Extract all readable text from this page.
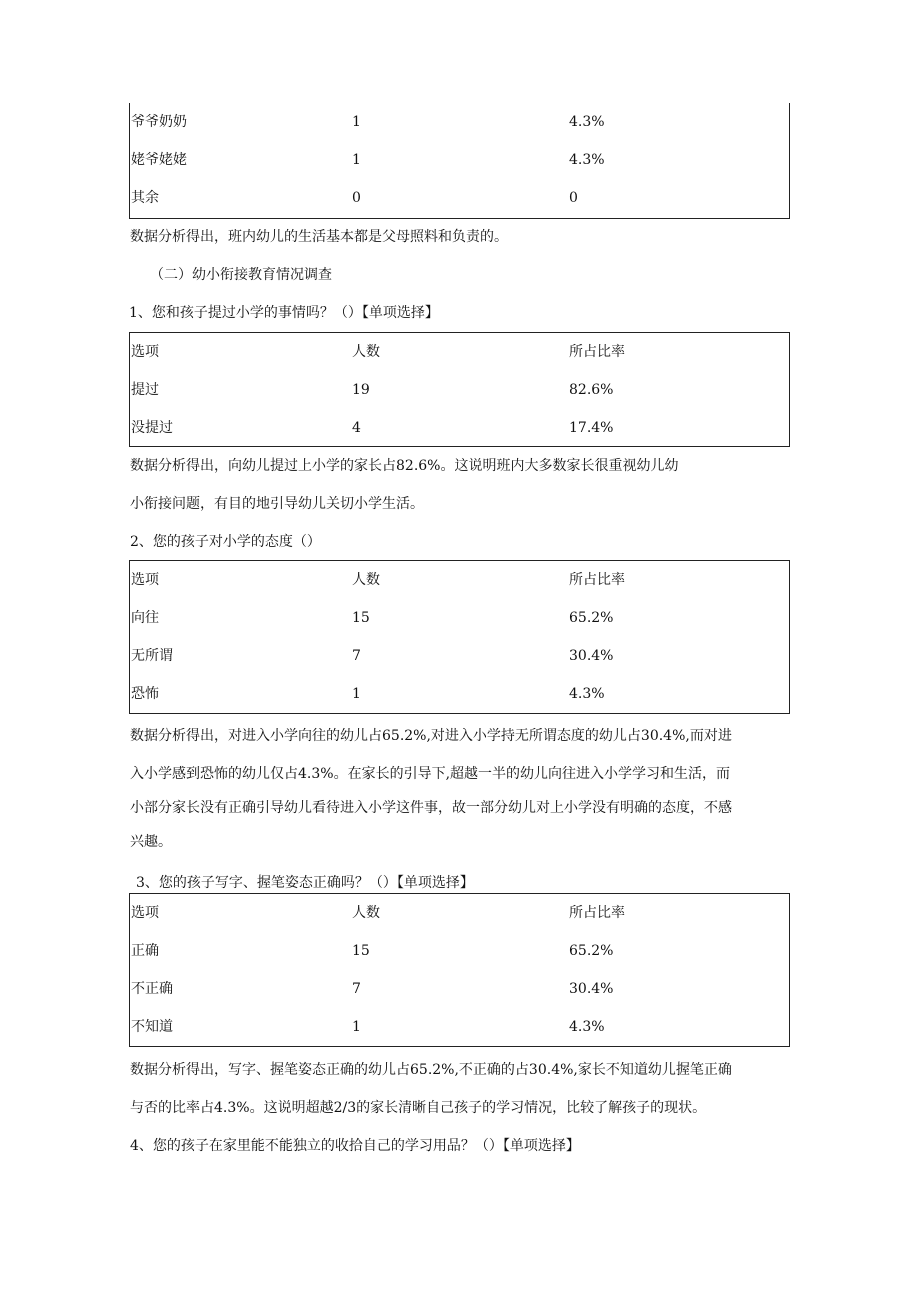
爷爷奶奶	1	4.3%
姥爷姥姥	1	4.3%
其余	0	0
数据分析得出，班内幼儿的生活基本都是父母照料和负责的。
（二）幼小衔接教育情况调查
1、您和孩子提过小学的事情吗？（）【单项选择】
选项	人数	所占比率
提过	19	82.6%
没提过	4	17.4%
数据分析得出，向幼儿提过上小学的家长占82.6%。这说明班内大多数家长很重视幼儿幼
小衔接问题，有目的地引导幼儿关切小学生活。
2、您的孩子对小学的态度（）
选项	人数	所占比率
向往	15	65.2%
无所谓	7	30.4%
恐怖	1	4.3%
数据分析得出，对进入小学向往的幼儿占65.2%,对进入小学持无所谓态度的幼儿占30.4%,而对进
入小学感到恐怖的幼儿仅占4.3%。在家长的引导下,超越一半的幼儿向往进入小学学习和生活，而
小部分家长没有正确引导幼儿看待进入小学这件事，故一部分幼儿对上小学没有明确的态度，不感
兴趣。
3、您的孩子写字、握笔姿态正确吗？（）【单项选择】
选项	人数	所占比率
正确	15	65.2%
不正确	7	30.4%
不知道	1	4.3%
数据分析得出，写字、握笔姿态正确的幼儿占65.2%,不正确的占30.4%,家长不知道幼儿握笔正确
与否的比率占4.3%。这说明超越2/3的家长清晰自己孩子的学习情况，比较了解孩子的现状。
4、您的孩子在家里能不能独立的收拾自己的学习用品？（）【单项选择】
